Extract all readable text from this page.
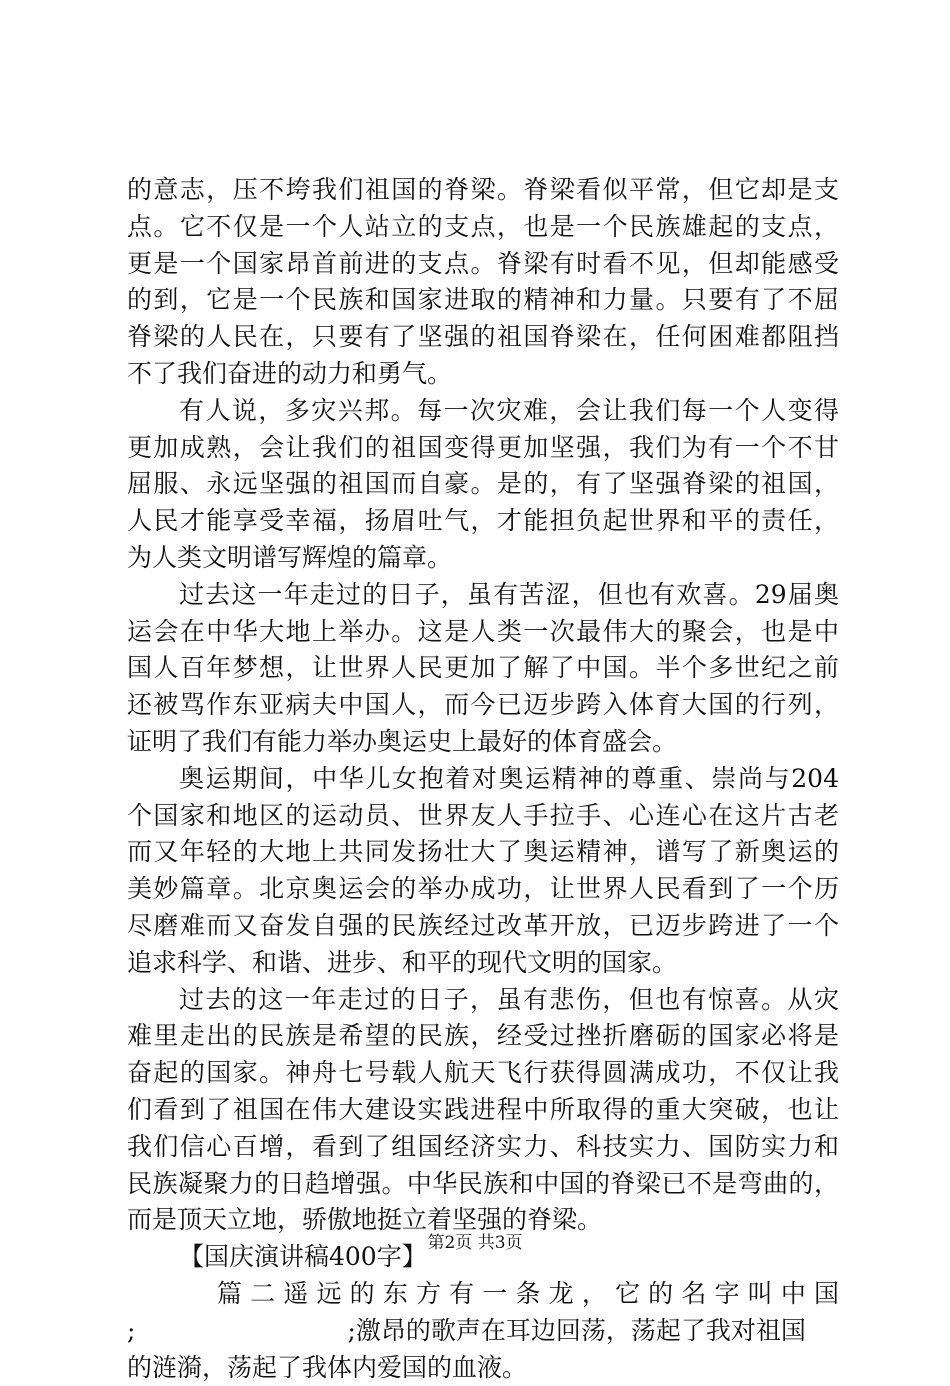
的意志，压不垮我们祖国的脊梁。脊梁看似平常，但它却是支
点。它不仅是一个人站立的支点，也是一个民族雄起的支点，
更是一个国家昂首前进的支点。脊梁有时看不见，但却能感受
的到，它是一个民族和国家进取的精神和力量。只要有了不屈
脊梁的人民在，只要有了坚强的祖国脊梁在，任何困难都阻挡
不了我们奋进的动力和勇气。
有人说，多灾兴邦。每一次灾难，会让我们每一个人变得
更加成熟，会让我们的祖国变得更加坚强，我们为有一个不甘
屈服、永远坚强的祖国而自豪。是的，有了坚强脊梁的祖国，
人民才能享受幸福，扬眉吐气，才能担负起世界和平的责任，
为人类文明谱写辉煌的篇章。
过去这一年走过的日子，虽有苦涩，但也有欢喜。29届奥
运会在中华大地上举办。这是人类一次最伟大的聚会，也是中
国人百年梦想，让世界人民更加了解了中国。半个多世纪之前
还被骂作东亚病夫中国人，而今已迈步跨入体育大国的行列，
证明了我们有能力举办奥运史上最好的体育盛会。
奥运期间，中华儿女抱着对奥运精神的尊重、崇尚与204
个国家和地区的运动员、世界友人手拉手、心连心在这片古老
而又年轻的大地上共同发扬壮大了奥运精神，谱写了新奥运的
美妙篇章。北京奥运会的举办成功，让世界人民看到了一个历
尽磨难而又奋发自强的民族经过改革开放，已迈步跨进了一个
追求科学、和谐、进步、和平的现代文明的国家。
过去的这一年走过的日子，虽有悲伤，但也有惊喜。从灾
难里走出的民族是希望的民族，经受过挫折磨砺的国家必将是
奋起的国家。神舟七号载人航天飞行获得圆满成功，不仅让我
们看到了祖国在伟大建设实践进程中所取得的重大突破，也让
我们信心百增，看到了组国经济实力、科技实力、国防实力和
民族凝聚力的日趋增强。中华民族和中国的脊梁已不是弯曲的，
而是顶天立地，骄傲地挺立着坚强的脊梁。
【国庆演讲稿400字】
篇二遥远的东方有一条龙，它的名字叫中国
;	;激昂的歌声在耳边回荡，荡起了我对祖国
的涟漪，荡起了我体内爱国的血液。
第2页 共3页
